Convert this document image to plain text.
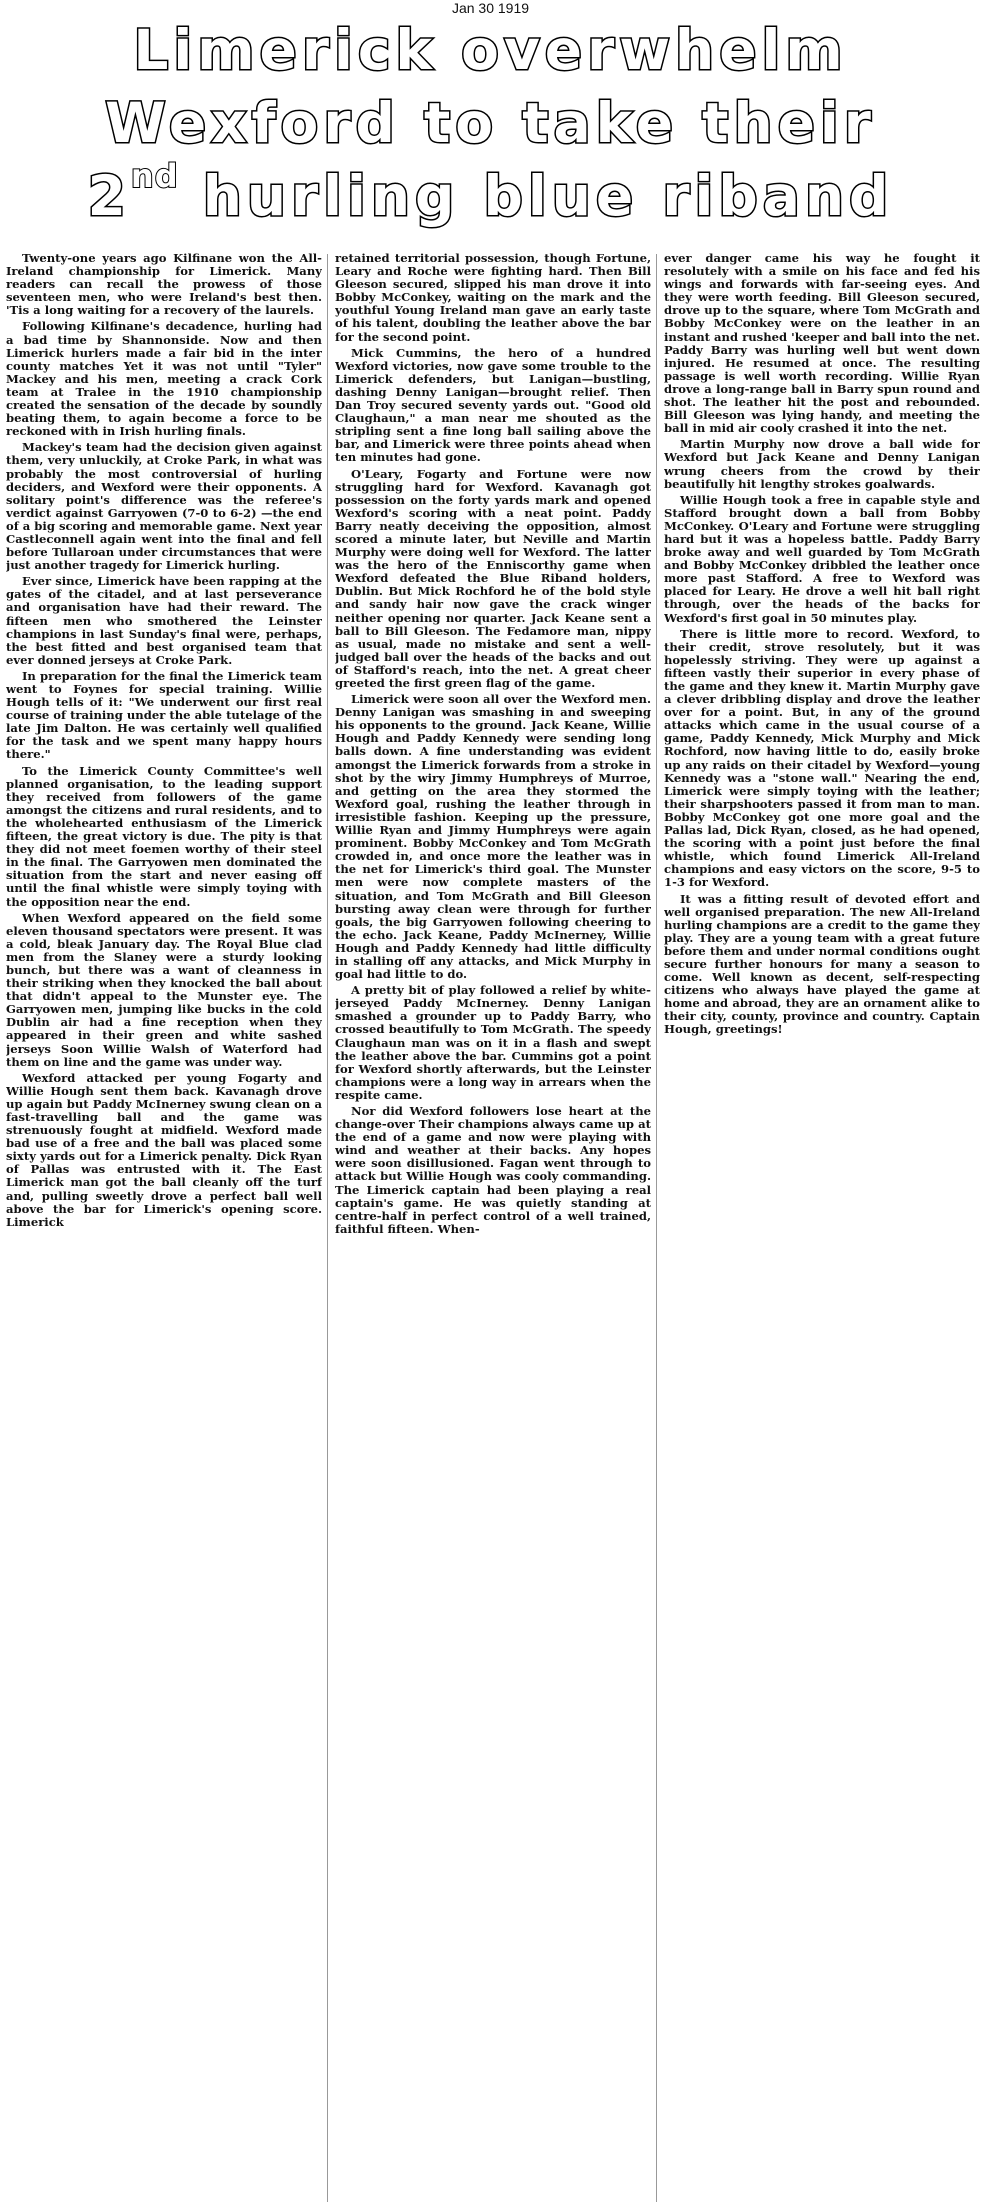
Jan 30 1919
Limerick overwhelm
Wexford to take their
2nd hurling blue riband

Twenty-one years ago Kilfinane won the All-Ireland championship for Limerick. Many readers can recall the prowess of those seventeen men, who were Ireland's best then. 'Tis a long waiting for a recovery of the laurels.

Following Kilfinane's decadence, hurling had a bad time by Shannonside. Now and then Limerick hurlers made a fair bid in the inter county matches Yet it was not until "Tyler" Mackey and his men, meeting a crack Cork team at Tralee in the 1910 championship created the sensation of the decade by soundly beating them, to again become a force to be reckoned with in Irish hurling finals.

Mackey's team had the decision given against them, very unluckily, at Croke Park, in what was probably the most controversial of hurling deciders, and Wexford were their opponents. A solitary point's difference was the referee's verdict against Garryowen (7-0 to 6-2) —the end of a big scoring and memorable game. Next year Castleconnell again went into the final and fell before Tullaroan under circumstances that were just another tragedy for Limerick hurling.

Ever since, Limerick have been rapping at the gates of the citadel, and at last perseverance and organisation have had their reward. The fifteen men who smothered the Leinster champions in last Sunday's final were, perhaps, the best fitted and best organised team that ever donned jerseys at Croke Park.

In preparation for the final the Limerick team went to Foynes for special training. Willie Hough tells of it: "We underwent our first real course of training under the able tutelage of the late Jim Dalton. He was certainly well qualified for the task and we spent many happy hours there."

To the Limerick County Committee's well planned organisation, to the leading support they received from followers of the game amongst the citizens and rural residents, and to the wholehearted enthusiasm of the Limerick fifteen, the great victory is due. The pity is that they did not meet foemen worthy of their steel in the final. The Garryowen men dominated the situation from the start and never easing off until the final whistle were simply toying with the opposition near the end.

When Wexford appeared on the field some eleven thousand spectators were present. It was a cold, bleak January day. The Royal Blue clad men from the Slaney were a sturdy looking bunch, but there was a want of cleanness in their striking when they knocked the ball about that didn't appeal to the Munster eye. The Garryowen men, jumping like bucks in the cold Dublin air had a fine reception when they appeared in their green and white sashed jerseys Soon Willie Walsh of Waterford had them on line and the game was under way.

Wexford attacked per young Fogarty and Willie Hough sent them back. Kavanagh drove up again but Paddy McInerney swung clean on a fast-travelling ball and the game was strenuously fought at midfield. Wexford made bad use of a free and the ball was placed some sixty yards out for a Limerick penalty. Dick Ryan of Pallas was entrusted with it. The East Limerick man got the ball cleanly off the turf and, pulling sweetly drove a perfect ball well above the bar for Limerick's opening score. Limerick

retained territorial possession, though Fortune, Leary and Roche were fighting hard. Then Bill Gleeson secured, slipped his man drove it into Bobby McConkey, waiting on the mark and the youthful Young Ireland man gave an early taste of his talent, doubling the leather above the bar for the second point.

Mick Cummins, the hero of a hundred Wexford victories, now gave some trouble to the Limerick defenders, but Lanigan—bustling, dashing Denny Lanigan—brought relief. Then Dan Troy secured seventy yards out. "Good old Claughaun," a man near me shouted as the stripling sent a fine long ball sailing above the bar, and Limerick were three points ahead when ten minutes had gone.

O'Leary, Fogarty and Fortune were now struggling hard for Wexford. Kavanagh got possession on the forty yards mark and opened Wexford's scoring with a neat point. Paddy Barry neatly deceiving the opposition, almost scored a minute later, but Neville and Martin Murphy were doing well for Wexford. The latter was the hero of the Enniscorthy game when Wexford defeated the Blue Riband holders, Dublin. But Mick Rochford he of the bold style and sandy hair now gave the crack winger neither opening nor quarter. Jack Keane sent a ball to Bill Gleeson. The Fedamore man, nippy as usual, made no mistake and sent a well-judged ball over the heads of the backs and out of Stafford's reach, into the net. A great cheer greeted the first green flag of the game.

Limerick were soon all over the Wexford men. Denny Lanigan was smashing in and sweeping his opponents to the ground. Jack Keane, Willie Hough and Paddy Kennedy were sending long balls down. A fine understanding was evident amongst the Limerick forwards from a stroke in shot by the wiry Jimmy Humphreys of Murroe, and getting on the area they stormed the Wexford goal, rushing the leather through in irresistible fashion. Keeping up the pressure, Willie Ryan and Jimmy Humphreys were again prominent. Bobby McConkey and Tom McGrath crowded in, and once more the leather was in the net for Limerick's third goal. The Munster men were now complete masters of the situation, and Tom McGrath and Bill Gleeson bursting away clean were through for further goals, the big Garryowen following cheering to the echo. Jack Keane, Paddy McInerney, Willie Hough and Paddy Kennedy had little difficulty in stalling off any attacks, and Mick Murphy in goal had little to do.

A pretty bit of play followed a relief by white-jerseyed Paddy McInerney. Denny Lanigan smashed a grounder up to Paddy Barry, who crossed beautifully to Tom McGrath. The speedy Claughaun man was on it in a flash and swept the leather above the bar. Cummins got a point for Wexford shortly afterwards, but the Leinster champions were a long way in arrears when the respite came.

Nor did Wexford followers lose heart at the change-over Their champions always came up at the end of a game and now were playing with wind and weather at their backs. Any hopes were soon disillusioned. Fagan went through to attack but Willie Hough was cooly commanding. The Limerick captain had been playing a real captain's game. He was quietly standing at centre-half in perfect control of a well trained, faithful fifteen. When-

ever danger came his way he fought it resolutely with a smile on his face and fed his wings and forwards with far-seeing eyes. And they were worth feeding. Bill Gleeson secured, drove up to the square, where Tom McGrath and Bobby McConkey were on the leather in an instant and rushed 'keeper and ball into the net. Paddy Barry was hurling well but went down injured. He resumed at once. The resulting passage is well worth recording. Willie Ryan drove a long-range ball in Barry spun round and shot. The leather hit the post and rebounded. Bill Gleeson was lying handy, and meeting the ball in mid air cooly crashed it into the net.

Martin Murphy now drove a ball wide for Wexford but Jack Keane and Denny Lanigan wrung cheers from the crowd by their beautifully hit lengthy strokes goalwards.

Willie Hough took a free in capable style and Stafford brought down a ball from Bobby McConkey. O'Leary and Fortune were struggling hard but it was a hopeless battle. Paddy Barry broke away and well guarded by Tom McGrath and Bobby McConkey dribbled the leather once more past Stafford. A free to Wexford was placed for Leary. He drove a well hit ball right through, over the heads of the backs for Wexford's first goal in 50 minutes play.

There is little more to record. Wexford, to their credit, strove resolutely, but it was hopelessly striving. They were up against a fifteen vastly their superior in every phase of the game and they knew it. Martin Murphy gave a clever dribbling display and drove the leather over for a point. But, in any of the ground attacks which came in the usual course of a game, Paddy Kennedy, Mick Murphy and Mick Rochford, now having little to do, easily broke up any raids on their citadel by Wexford—young Kennedy was a "stone wall." Nearing the end, Limerick were simply toying with the leather; their sharpshooters passed it from man to man. Bobby McConkey got one more goal and the Pallas lad, Dick Ryan, closed, as he had opened, the scoring with a point just before the final whistle, which found Limerick All-Ireland champions and easy victors on the score, 9-5 to 1-3 for Wexford.

It was a fitting result of devoted effort and well organised preparation. The new All-Ireland hurling champions are a credit to the game they play. They are a young team with a great future before them and under normal conditions ought secure further honours for many a season to come. Well known as decent, self-respecting citizens who always have played the game at home and abroad, they are an ornament alike to their city, county, province and country. Captain Hough, greetings!
